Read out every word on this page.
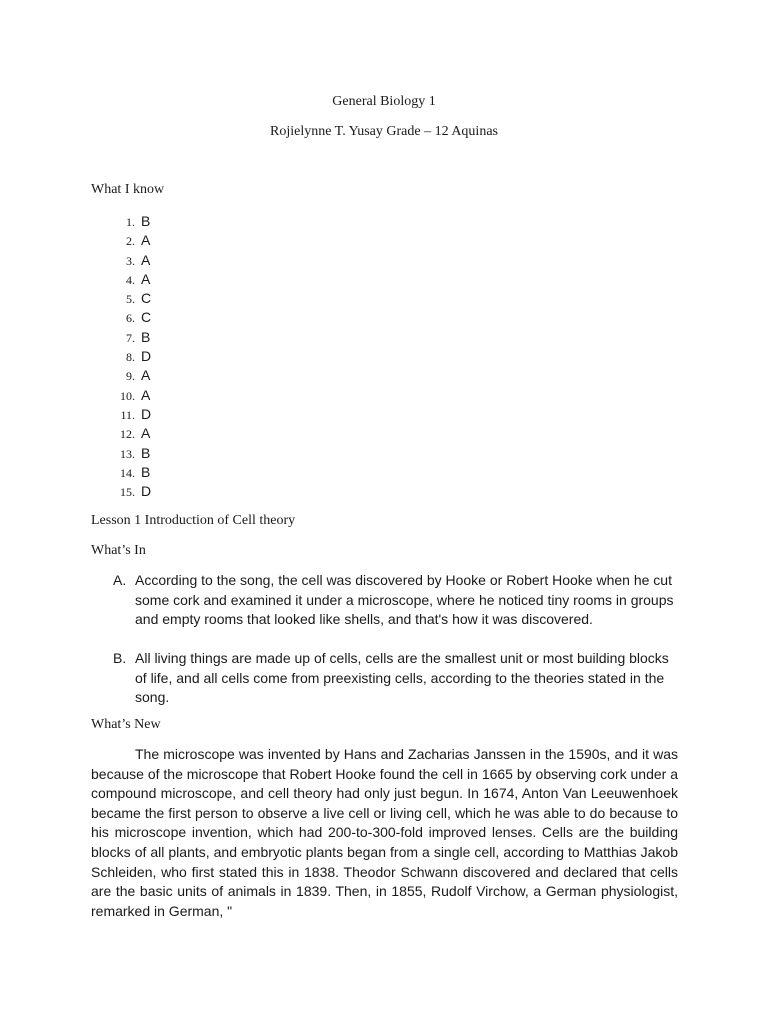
General Biology 1
Rojielynne T. Yusay Grade – 12 Aquinas
What I know
1. B
2. A
3. A
4. A
5. C
6. C
7. B
8. D
9. A
10. A
11. D
12. A
13. B
14. B
15. D
Lesson 1 Introduction of Cell theory
What’s In
A. According to the song, the cell was discovered by Hooke or Robert Hooke when he cut some cork and examined it under a microscope, where he noticed tiny rooms in groups and empty rooms that looked like shells, and that's how it was discovered.
B. All living things are made up of cells, cells are the smallest unit or most building blocks of life, and all cells come from preexisting cells, according to the theories stated in the song.
What’s New
The microscope was invented by Hans and Zacharias Janssen in the 1590s, and it was because of the microscope that Robert Hooke found the cell in 1665 by observing cork under a compound microscope, and cell theory had only just begun. In 1674, Anton Van Leeuwenhoek became the first person to observe a live cell or living cell, which he was able to do because to his microscope invention, which had 200-to-300-fold improved lenses. Cells are the building blocks of all plants, and embryotic plants began from a single cell, according to Matthias Jakob Schleiden, who first stated this in 1838. Theodor Schwann discovered and declared that cells are the basic units of animals in 1839. Then, in 1855, Rudolf Virchow, a German physiologist, remarked in German, "
